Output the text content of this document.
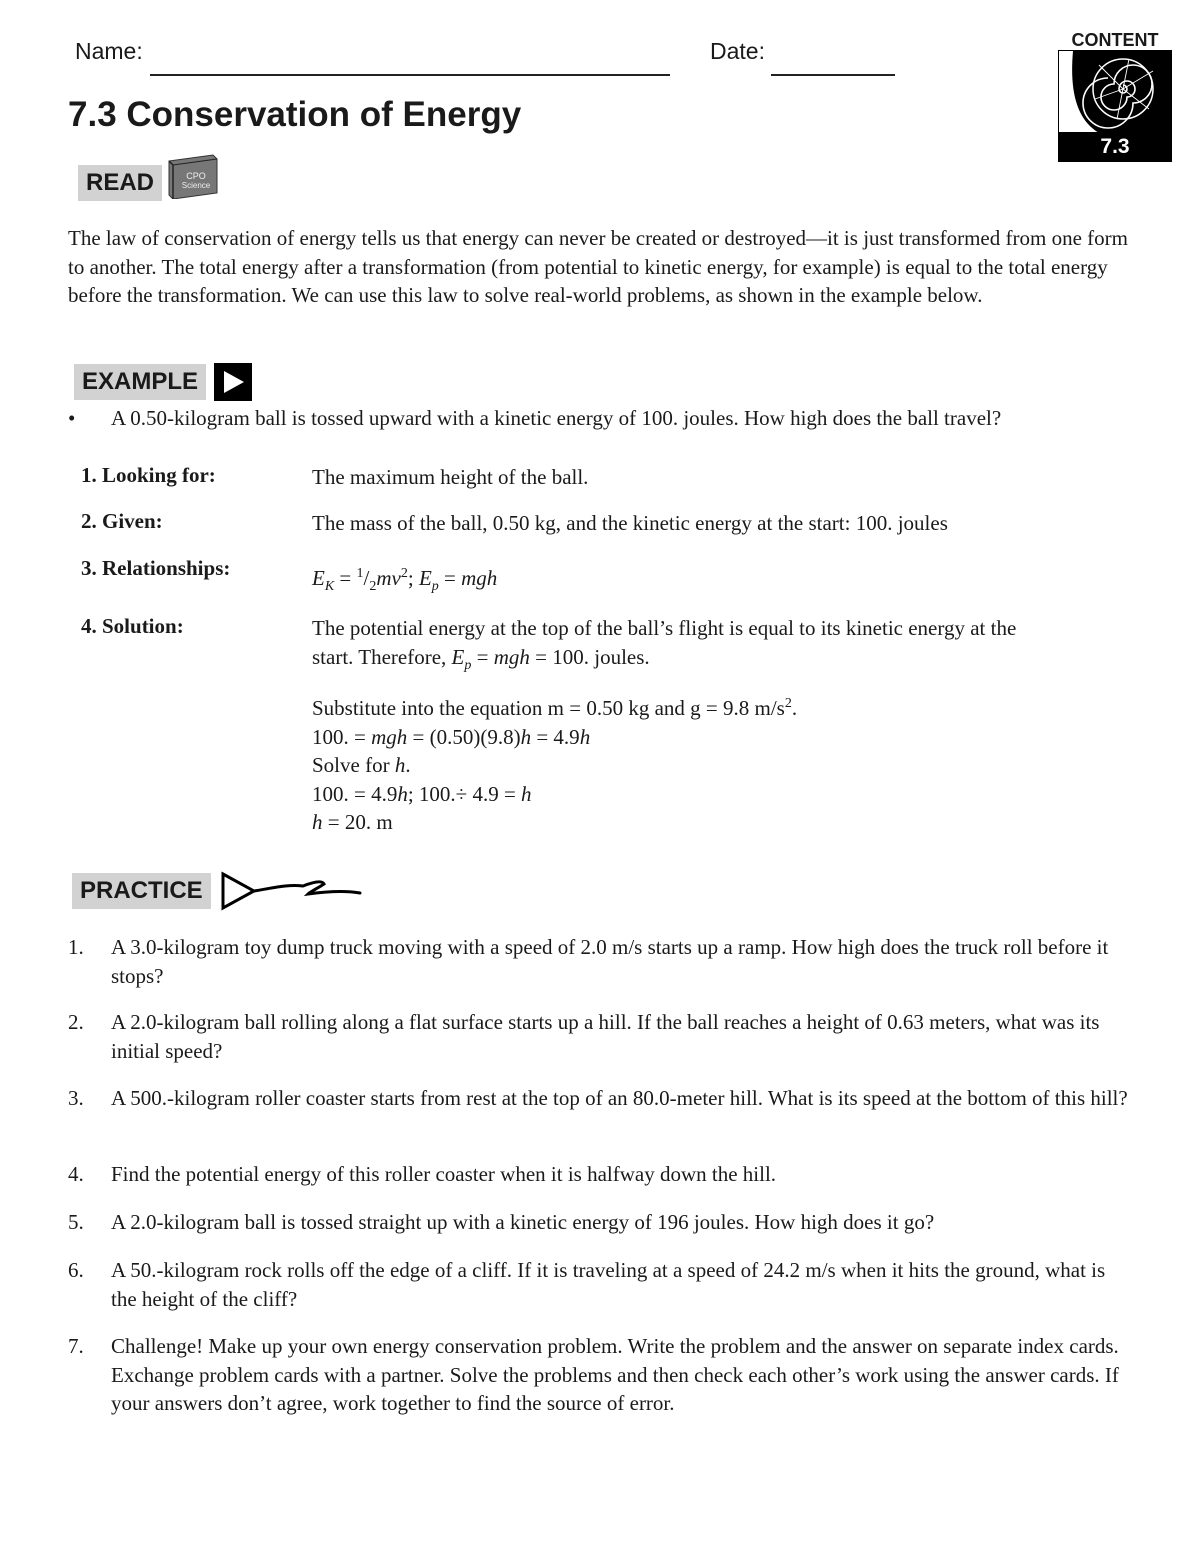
Name:	Date:
7.3 Conservation of Energy
CONTENT
7.3
READ	CPO
Science

The law of conservation of energy tells us that energy can never be created or destroyed—it is just transformed from one form to another. The total energy after a transformation (from potential to kinetic energy, for example) is equal to the total energy before the transformation. We can use this law to solve real-world problems, as shown in the example below.

EXAMPLE
• A 0.50-kilogram ball is tossed upward with a kinetic energy of 100. joules. How high does the ball travel?
1. Looking for:	The maximum height of the ball.
2. Given:	The mass of the ball, 0.50 kg, and the kinetic energy at the start: 100. joules
3. Relationships:	$E_K = ^1/_2mv^2$; $E_p$ = mgh
4. Solution:	The potential energy at the top of the ball’s flight is equal to its kinetic energy at the
start. Therefore, $E_p$ = mgh = 100. joules.
Substitute into the equation m = 0.50 kg and g = 9.8 $m/s^2$.
100. = mgh = (0.50)(9.8)h = 4.9h
Solve for h.
100. = 4.9h; 100.÷ 4.9 = h
h = 20. m
PRACTICE
1. A 3.0-kilogram toy dump truck moving with a speed of 2.0 m/s starts up a ramp. How high does the truck roll before it stops?
2. A 2.0-kilogram ball rolling along a flat surface starts up a hill. If the ball reaches a height of 0.63 meters, what was its initial speed?
3. A 500.-kilogram roller coaster starts from rest at the top of an 80.0-meter hill. What is its speed at the bottom of this hill?
4. Find the potential energy of this roller coaster when it is halfway down the hill.
5. A 2.0-kilogram ball is tossed straight up with a kinetic energy of 196 joules. How high does it go?
6. A 50.-kilogram rock rolls off the edge of a cliff. If it is traveling at a speed of 24.2 m/s when it hits the ground, what is the height of the cliff?
7. Challenge! Make up your own energy conservation problem. Write the problem and the answer on separate index cards. Exchange problem cards with a partner. Solve the problems and then check each other’s work using the answer cards. If your answers don’t agree, work together to find the source of error.
